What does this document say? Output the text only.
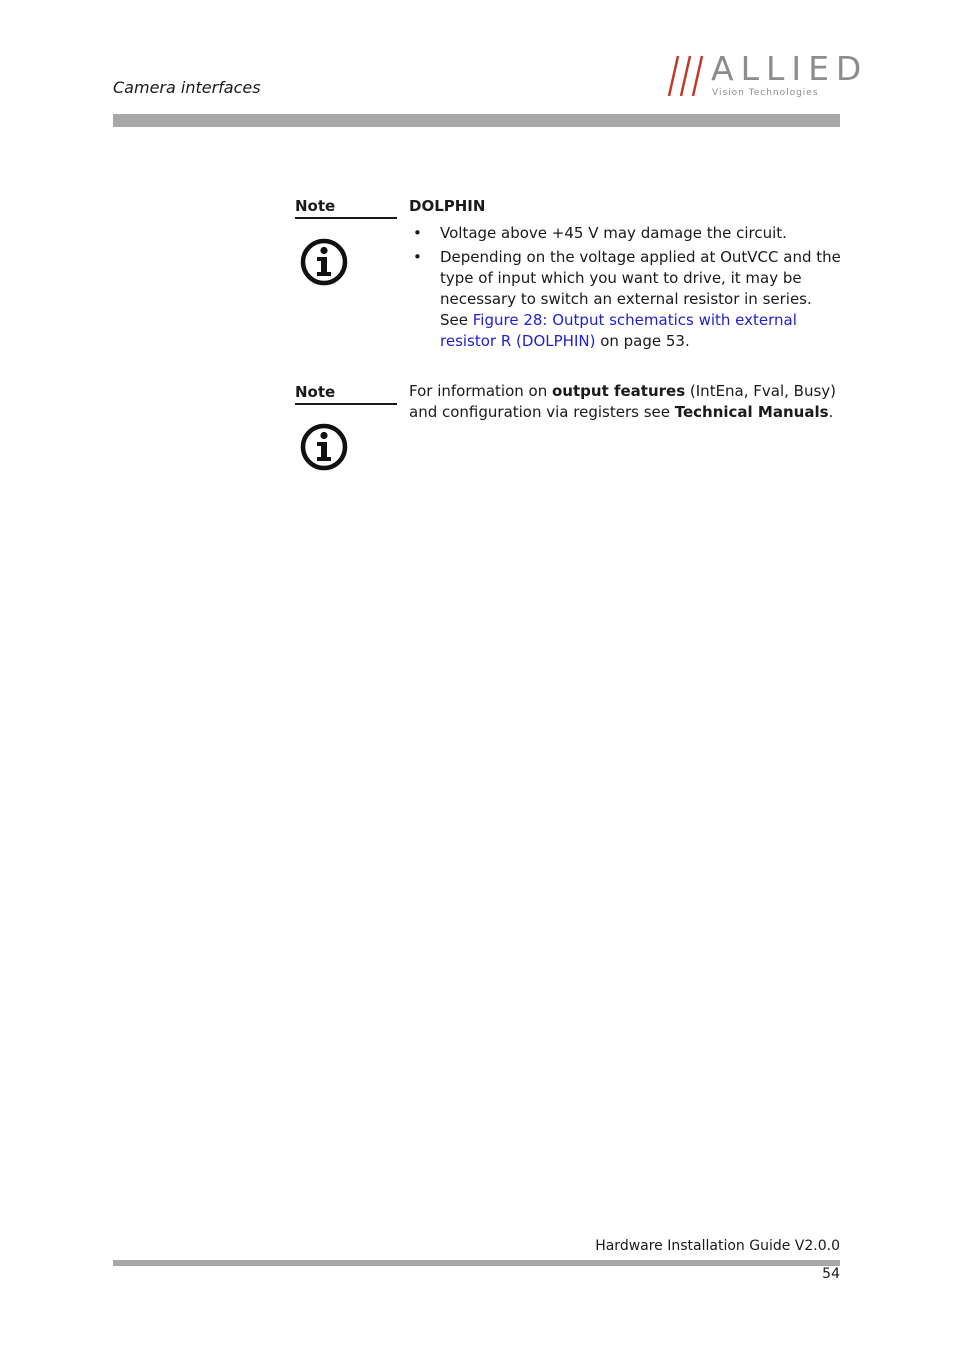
Camera interfaces	ALLIED
Vision Technologies
Note	DOLPHIN

• Voltage above +45 V may damage the circuit.
• Depending on the voltage applied at OutVCC and the type of input which you want to drive, it may be necessary to switch an external resistor in series.
See Figure 28: Output schematics with external resistor R (DOLPHIN) on page 53.
Note	For information on output features (IntEna, Fval, Busy) and configuration via registers see Technical Manuals.

Hardware Installation Guide V2.0.0
54
